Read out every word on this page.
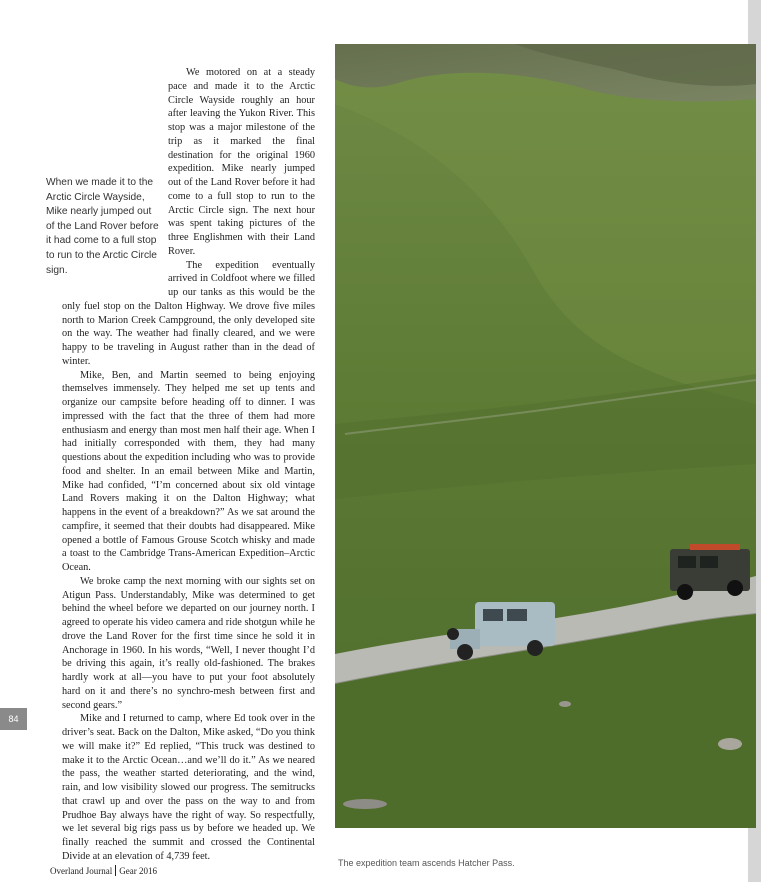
We motored on at a steady pace and made it to the Arctic Circle Wayside roughly an hour after leaving the Yukon River. This stop was a major milestone of the trip as it marked the final destination for the original 1960 expedition. Mike nearly jumped out of the Land Rover before it had come to a full stop to run to the Arctic Circle sign. The next hour was spent taking pictures of the three Englishmen with their Land Rover.

The expedition eventually arrived in Coldfoot where we filled up our tanks as this would be the only fuel stop on the Dalton Highway. We drove five miles north to Marion Creek Campground, the only developed site on the way. The weather had finally cleared, and we were happy to be traveling in August rather than in the dead of winter.

Mike, Ben, and Martin seemed to being enjoying themselves immensely. They helped me set up tents and organize our campsite before heading off to dinner. I was impressed with the fact that the three of them had more enthusiasm and energy than most men half their age. When I had initially corresponded with them, they had many questions about the expedition including who was to provide food and shelter. In an email between Mike and Martin, Mike had confided, “I’m concerned about six old vintage Land Rovers making it on the Dalton Highway; what happens in the event of a breakdown?” As we sat around the campfire, it seemed that their doubts had disappeared. Mike opened a bottle of Famous Grouse Scotch whisky and made a toast to the Cambridge Trans-American Expedition–Arctic Ocean.

We broke camp the next morning with our sights set on Atigun Pass. Understandably, Mike was determined to get behind the wheel before we departed on our journey north. I agreed to operate his video camera and ride shotgun while he drove the Land Rover for the first time since he sold it in Anchorage in 1960. In his words, “Well, I never thought I’d be driving this again, it’s really old-fashioned. The brakes hardly work at all—you have to put your foot absolutely hard on it and there’s no synchro-mesh between first and second gears.”

Mike and I returned to camp, where Ed took over in the driver’s seat. Back on the Dalton, Mike asked, “Do you think we will make it?” Ed replied, “This truck was destined to make it to the Arctic Ocean…and we’ll do it.” As we neared the pass, the weather started deteriorating, and the wind, rain, and low visibility slowed our progress. The semitrucks that crawl up and over the pass on the way to and from Prudhoe Bay always have the right of way. So respectfully, we let several big rigs pass us by before we headed up. We finally reached the summit and crossed the Continental Divide at an elevation of 4,739 feet.

When we made it to the Arctic Circle Wayside, Mike nearly jumped out of the Land Rover before it had come to a full stop to run to the Arctic Circle sign.
The expedition team ascends Hatcher Pass.
84
Overland Journal Gear 2016
